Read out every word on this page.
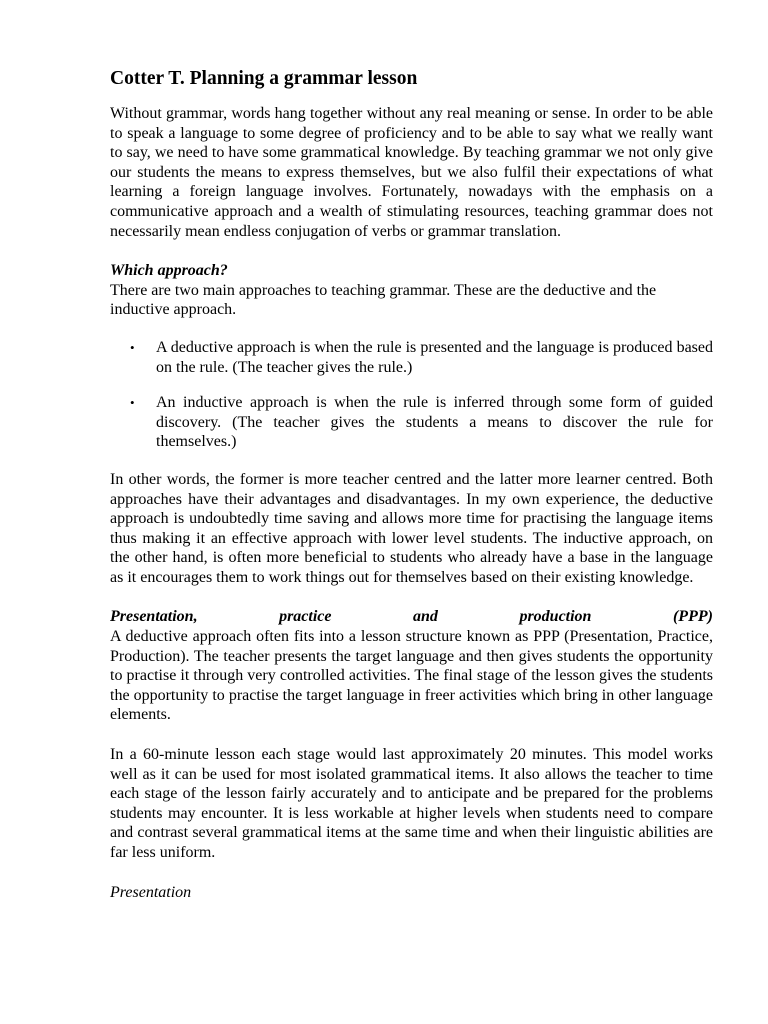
Cotter T. Planning a grammar lesson

Without grammar, words hang together without any real meaning or sense. In order to be able to speak a language to some degree of proficiency and to be able to say what we really want to say, we need to have some grammatical knowledge. By teaching grammar we not only give our students the means to express themselves, but we also fulfil their expectations of what learning a foreign language involves. Fortunately, nowadays with the emphasis on a communicative approach and a wealth of stimulating resources, teaching grammar does not necessarily mean endless conjugation of verbs or grammar translation.

Which approach?

There are two main approaches to teaching grammar. These are the deductive and the inductive approach.

• A deductive approach is when the rule is presented and the language is produced based on the rule. (The teacher gives the rule.)
• An inductive approach is when the rule is inferred through some form of guided discovery. (The teacher gives the students a means to discover the rule for themselves.)

In other words, the former is more teacher centred and the latter more learner centred. Both approaches have their advantages and disadvantages. In my own experience, the deductive approach is undoubtedly time saving and allows more time for practising the language items thus making it an effective approach with lower level students. The inductive approach, on the other hand, is often more beneficial to students who already have a base in the language as it encourages them to work things out for themselves based on their existing knowledge.

Presentation,	practice	and	production	(PPP)

A deductive approach often fits into a lesson structure known as PPP (Presentation, Practice, Production). The teacher presents the target language and then gives students the opportunity to practise it through very controlled activities. The final stage of the lesson gives the students the opportunity to practise the target language in freer activities which bring in other language elements.

In a 60-minute lesson each stage would last approximately 20 minutes. This model works well as it can be used for most isolated grammatical items. It also allows the teacher to time each stage of the lesson fairly accurately and to anticipate and be prepared for the problems students may encounter. It is less workable at higher levels when students need to compare and contrast several grammatical items at the same time and when their linguistic abilities are far less uniform.

Presentation
